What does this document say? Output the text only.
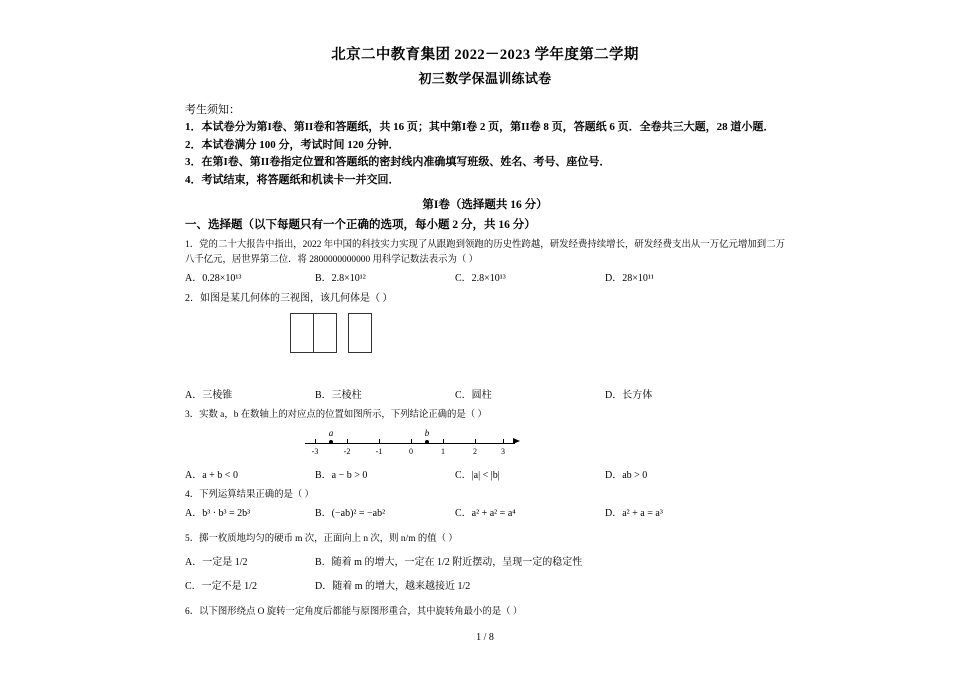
北京二中教育集团 2022－2023 学年度第二学期
初三数学保温训练试卷
考生须知：
1．本试卷分为第I卷、第II卷和答题纸，共 16 页；其中第I卷 2 页，第II卷 8 页，答题纸 6 页．全卷共三大题，28 道小题．
2．本试卷满分 100 分，考试时间 120 分钟．
3．在第I卷、第II卷指定位置和答题纸的密封线内准确填写班级、姓名、考号、座位号．
4．考试结束，将答题纸和机读卡一并交回．
第I卷（选择题共 16 分）
一、选择题（以下每题只有一个正确的选项，每小题 2 分，共 16 分）
1．党的二十大报告中指出，2022 年中国的科技实力实现了从跟跑到领跑的历史性跨越，研发经费持续增长，研发经费支出从一万亿元增加到二万八千亿元，居世界第二位．将 2800000000000 用科学记数法表示为（ ）
A．0.28×10¹³	B．2.8×10¹²	C．2.8×10¹³	D．28×10¹¹
2．如图是某几何体的三视图，该几何体是（ ）
A．三棱锥	B．三棱柱	C．圆柱	D．长方体
3．实数 a，b 在数轴上的对应点的位置如图所示，下列结论正确的是（ ）
-3	-2	-1	0	1	2	3
a	b
A．a + b < 0	B．a − b > 0	C．|a| < |b|	D．ab > 0
4．下列运算结果正确的是（ ）
A．b³ · b³ = 2b³	B．(−ab)² = −ab²	C．a² + a² = a⁴	D．a² + a = a³
5．掷一枚质地均匀的硬币 m 次，正面向上 n 次，则 n/m 的值（ ）
A．一定是 1/2	B．随着 m 的增大，一定在 1/2 附近摆动，呈现一定的稳定性
C．一定不是 1/2	D．随着 m 的增大，越来越接近 1/2
6．以下图形绕点 O 旋转一定角度后都能与原图形重合，其中旋转角最小的是（ ）
1 / 8
